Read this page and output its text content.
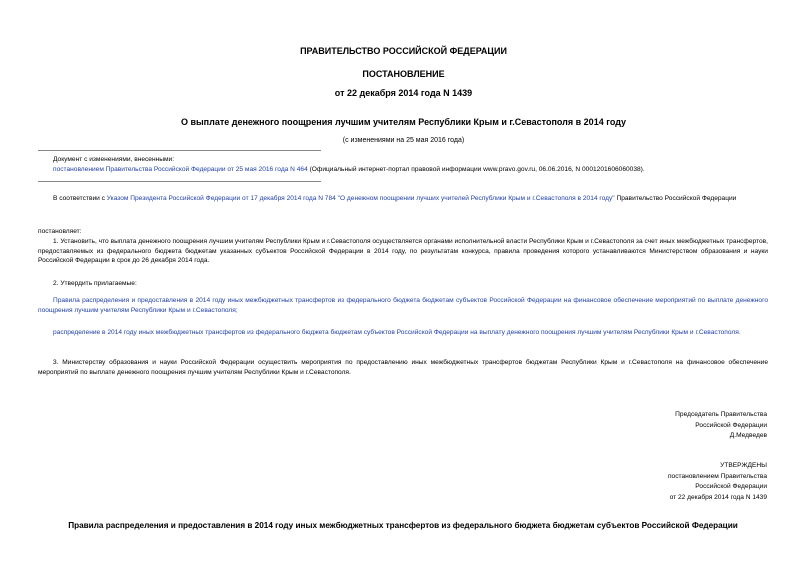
ПРАВИТЕЛЬСТВО РОССИЙСКОЙ ФЕДЕРАЦИИ
ПОСТАНОВЛЕНИЕ
от 22 декабря 2014 года N 1439
О выплате денежного поощрения лучшим учителям Республики Крым и г.Севастополя в 2014 году
(с изменениями на 25 мая 2016 года)
Документ с изменениями, внесенными:
постановлением Правительства Российской Федерации от 25 мая 2016 года N 464 (Официальный интернет-портал правовой информации www.pravo.gov.ru, 06.06.2016, N 0001201606060038).
В соответствии с Указом Президента Российской Федерации от 17 декабря 2014 года N 784 "О денежном поощрении лучших учителей Республики Крым и г.Севастополя в 2014 году" Правительство Российской Федерации
постановляет:
1. Установить, что выплата денежного поощрения лучшим учителям Республики Крым и г.Севастополя осуществляется органами исполнительной власти Республики Крым и г.Севастополя за счет иных межбюджетных трансфертов, предоставляемых из федерального бюджета бюджетам указанных субъектов Российской Федерации в 2014 году, по результатам конкурса, правила проведения которого устанавливаются Министерством образования и науки Российской Федерации в срок до 26 декабря 2014 года.
2. Утвердить прилагаемые:
Правила распределения и предоставления в 2014 году иных межбюджетных трансфертов из федерального бюджета бюджетам субъектов Российской Федерации на финансовое обеспечение мероприятий по выплате денежного поощрения лучшим учителям Республики Крым и г.Севастополя;
распределение в 2014 году иных межбюджетных трансфертов из федерального бюджета бюджетам субъектов Российской Федерации на выплату денежного поощрения лучшим учителям Республики Крым и г.Севастополя.
3. Министерству образования и науки Российской Федерации осуществить мероприятия по предоставлению иных межбюджетных трансфертов бюджетам Республики Крым и г.Севастополя на финансовое обеспечение мероприятий по выплате денежного поощрения лучшим учителям Республики Крым и г.Севастополя.
Председатель Правительства
Российской Федерации
Д.Медведев
УТВЕРЖДЕНЫ
постановлением Правительства
Российской Федерации
от 22 декабря 2014 года N 1439
Правила распределения и предоставления в 2014 году иных межбюджетных трансфертов из федерального бюджета бюджетам субъектов Российской Федерации
